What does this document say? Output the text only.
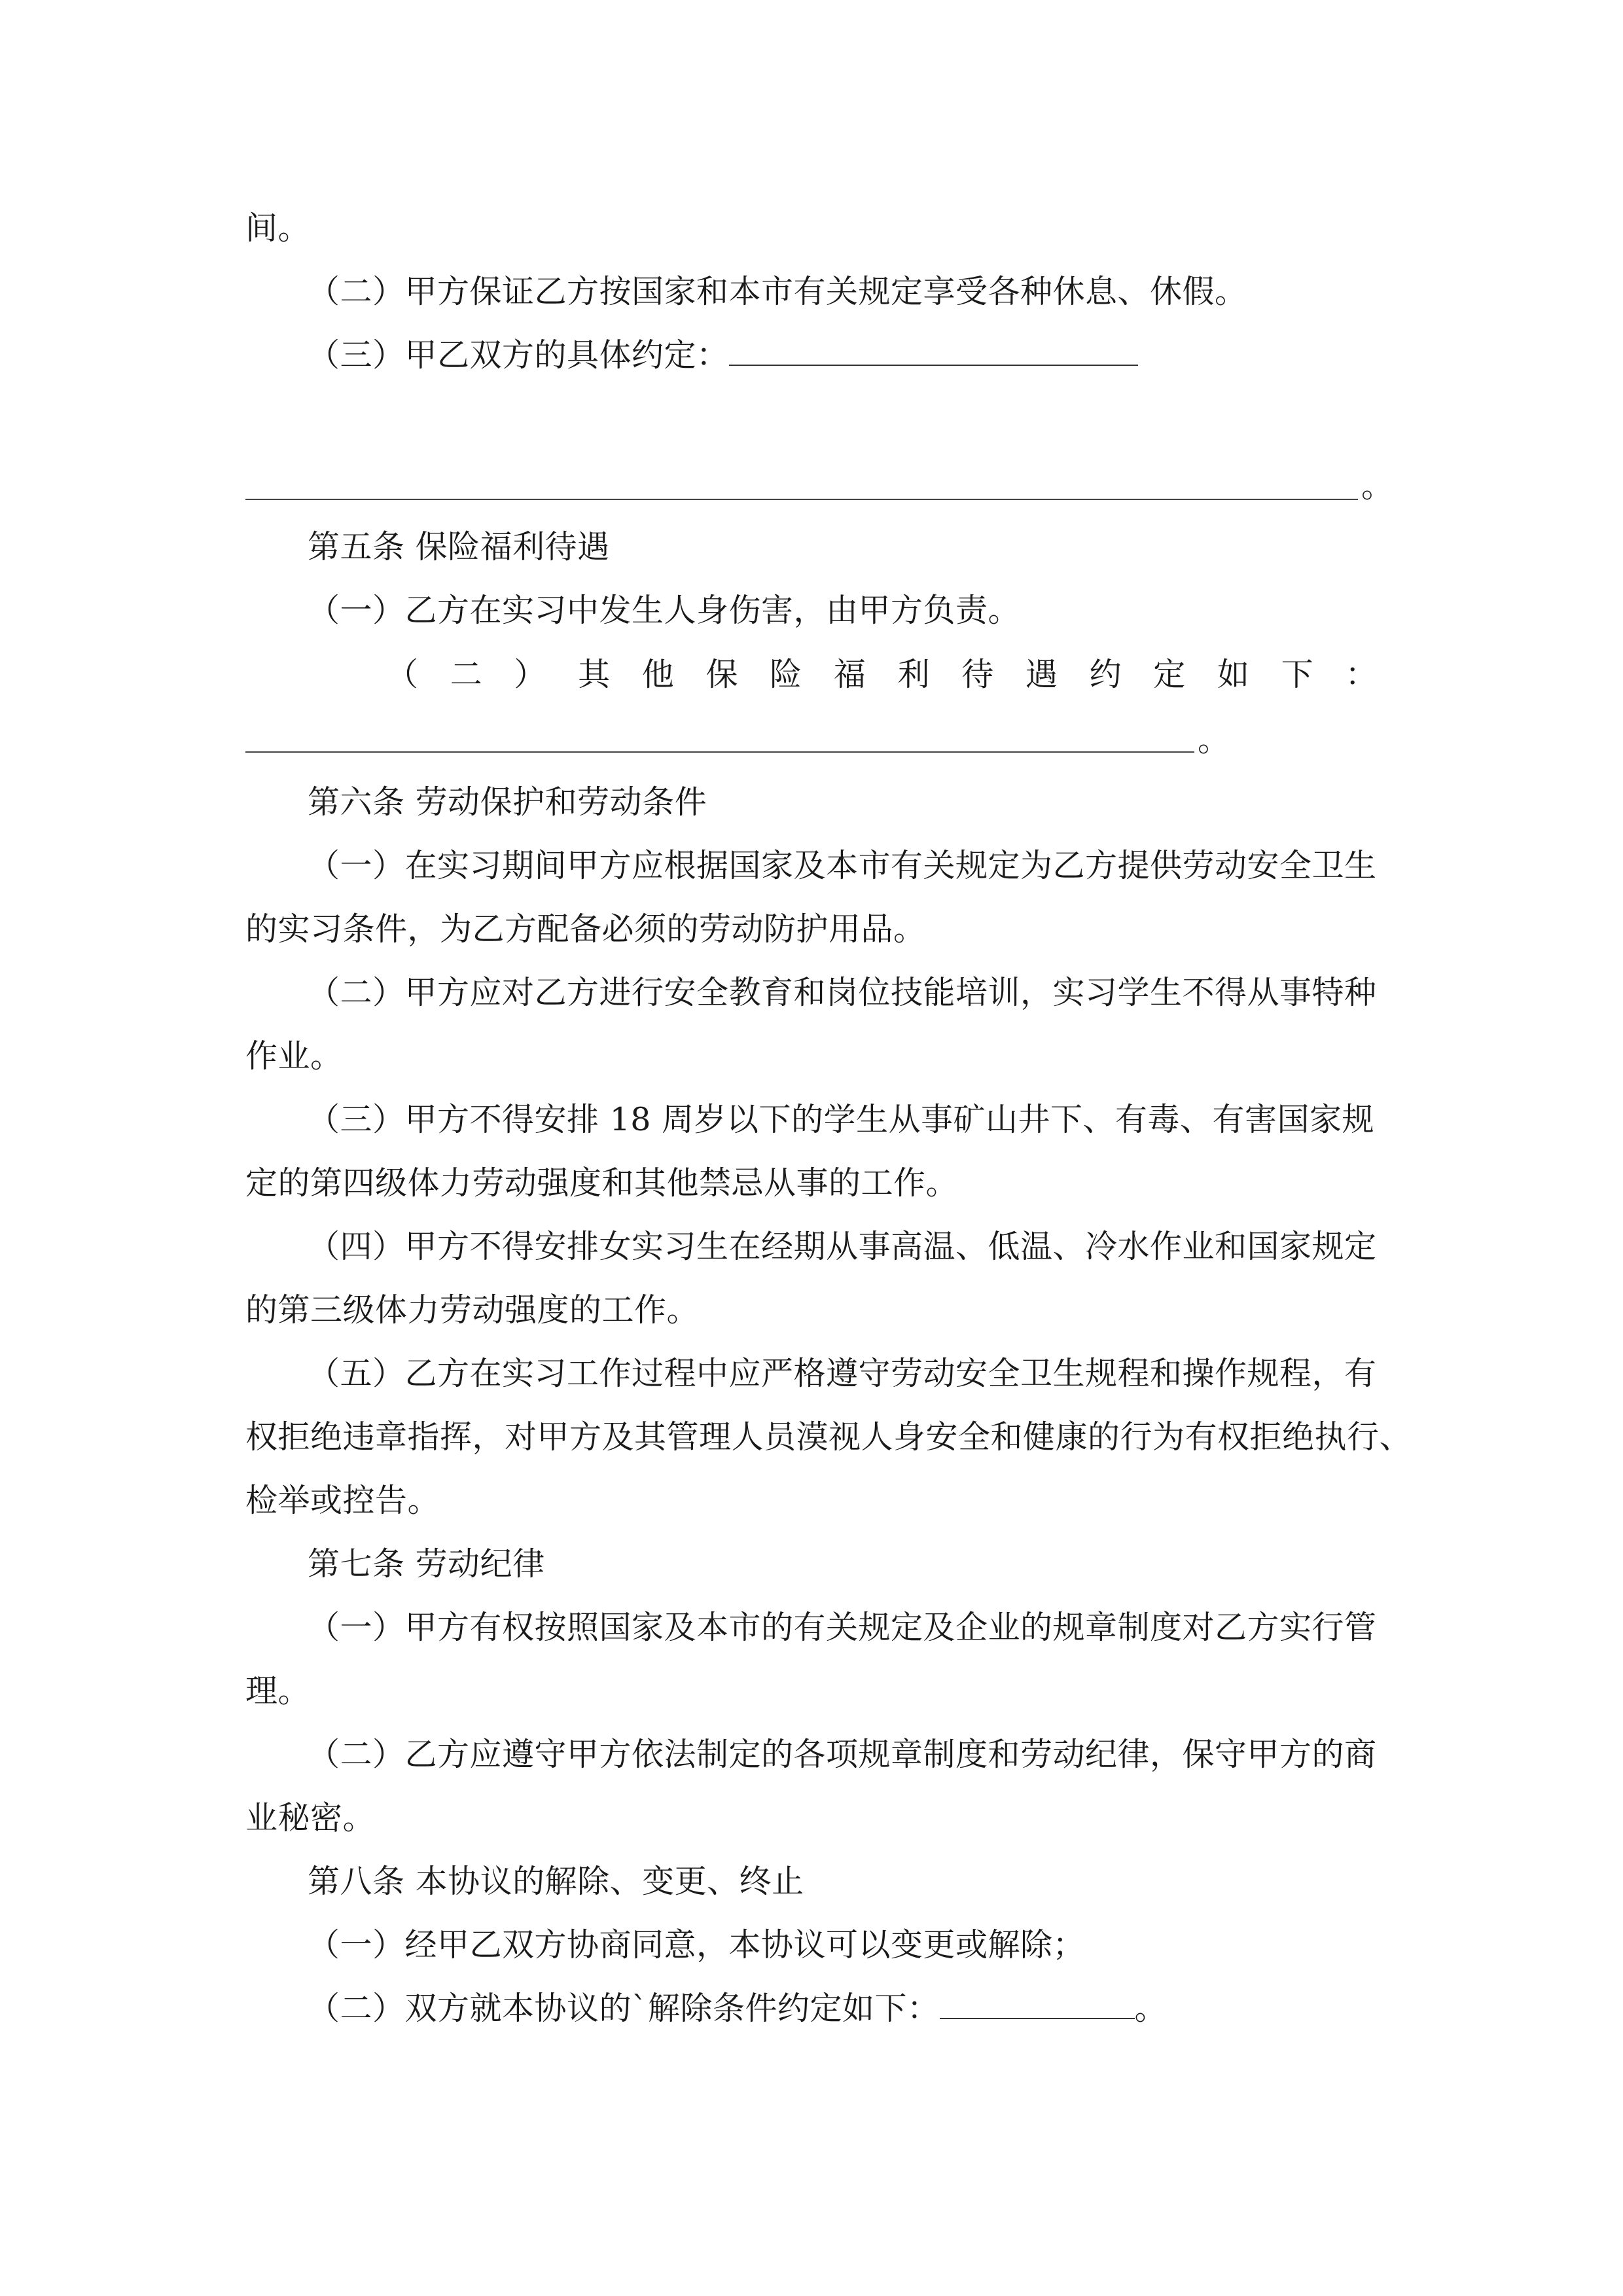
间。

（二）甲方保证乙方按国家和本市有关规定享受各种休息、休假。

（三）甲乙双方的具体约定：

。

第五条 保险福利待遇

（一）乙方在实习中发生人身伤害，由甲方负责。

（ 二 ） 其 他 保 险 福 利 待 遇 约 定 如 下 ：

。

第六条 劳动保护和劳动条件

（一）在实习期间甲方应根据国家及本市有关规定为乙方提供劳动安全卫生

的实习条件，为乙方配备必须的劳动防护用品。

（二）甲方应对乙方进行安全教育和岗位技能培训，实习学生不得从事特种

作业。

（三）甲方不得安排 18 周岁以下的学生从事矿山井下、有毒、有害国家规

定的第四级体力劳动强度和其他禁忌从事的工作。

（四）甲方不得安排女实习生在经期从事高温、低温、冷水作业和国家规定

的第三级体力劳动强度的工作。

（五）乙方在实习工作过程中应严格遵守劳动安全卫生规程和操作规程，有

权拒绝违章指挥，对甲方及其管理人员漠视人身安全和健康的行为有权拒绝执行、

检举或控告。

第七条 劳动纪律

（一）甲方有权按照国家及本市的有关规定及企业的规章制度对乙方实行管

理。

（二）乙方应遵守甲方依法制定的各项规章制度和劳动纪律，保守甲方的商

业秘密。

第八条 本协议的解除、变更、终止

（一）经甲乙双方协商同意，本协议可以变更或解除；

（二）双方就本协议的`解除条件约定如下：	。
